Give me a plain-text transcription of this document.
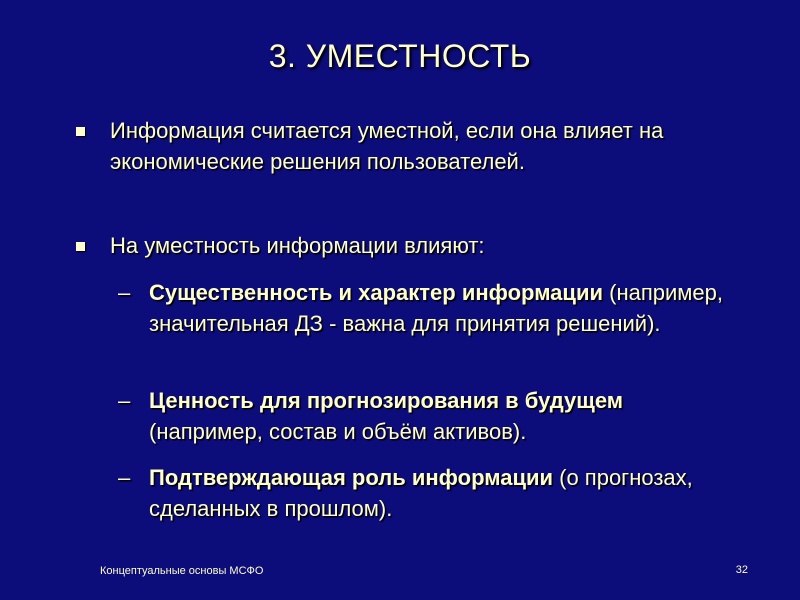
3. УМЕСТНОСТЬ
Информация считается уместной, если она влияет на экономические решения пользователей.
На уместность информации влияют:
– Существенность и характер информации (например, значительная ДЗ - важна для принятия решений).
– Ценность для прогнозирования в будущем (например, состав и объём активов).
– Подтверждающая роль информации (о прогнозах, сделанных в прошлом).
Концептуальные основы МСФО	32
